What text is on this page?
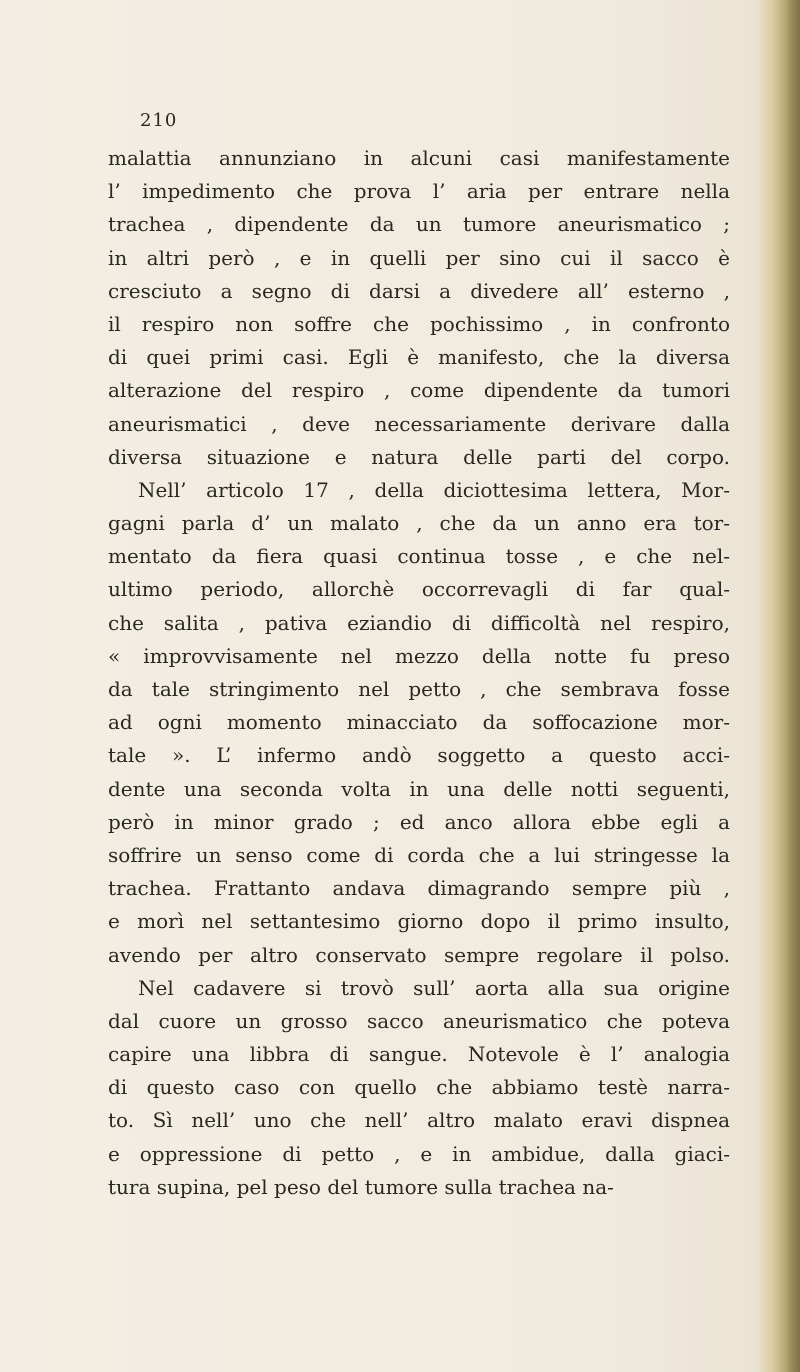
210
malattia annunziano in alcuni casi manifestamente
l’ impedimento che prova l’ aria per entrare nella
trachea , dipendente da un tumore aneurismatico ;
in altri però , e in quelli per sino cui il sacco è
cresciuto a segno di darsi a divedere all’ esterno ,
il respiro non soffre che pochissimo , in confronto
di quei primi casi. Egli è manifesto, che la diversa
alterazione del respiro , come dipendente da tumori
aneurismatici , deve necessariamente derivare dalla
diversa situazione e natura delle parti del corpo.
Nell’ articolo 17 , della diciottesima lettera, Mor-
gagni parla d’ un malato , che da un anno era tor-
mentato da fiera quasi continua tosse , e che nel-
ultimo periodo, allorchè occorrevagli di far qual-
che salita , pativa eziandio di difficoltà nel respiro,
« improvvisamente nel mezzo della notte fu preso
da tale stringimento nel petto , che sembrava fosse
ad ogni momento minacciato da soffocazione mor-
tale ». L’ infermo andò soggetto a questo acci-
dente una seconda volta in una delle notti seguenti,
però in minor grado ; ed anco allora ebbe egli a
soffrire un senso come di corda che a lui stringesse la
trachea. Frattanto andava dimagrando sempre più ,
e morì nel settantesimo giorno dopo il primo insulto,
avendo per altro conservato sempre regolare il polso.
Nel cadavere si trovò sull’ aorta alla sua origine
dal cuore un grosso sacco aneurismatico che poteva
capire una libbra di sangue. Notevole è l’ analogia
di questo caso con quello che abbiamo testè narra-
to. Sì nell’ uno che nell’ altro malato eravi dispnea
e oppressione di petto , e in ambidue, dalla giaci-
tura supina, pel peso del tumore sulla trachea na-
